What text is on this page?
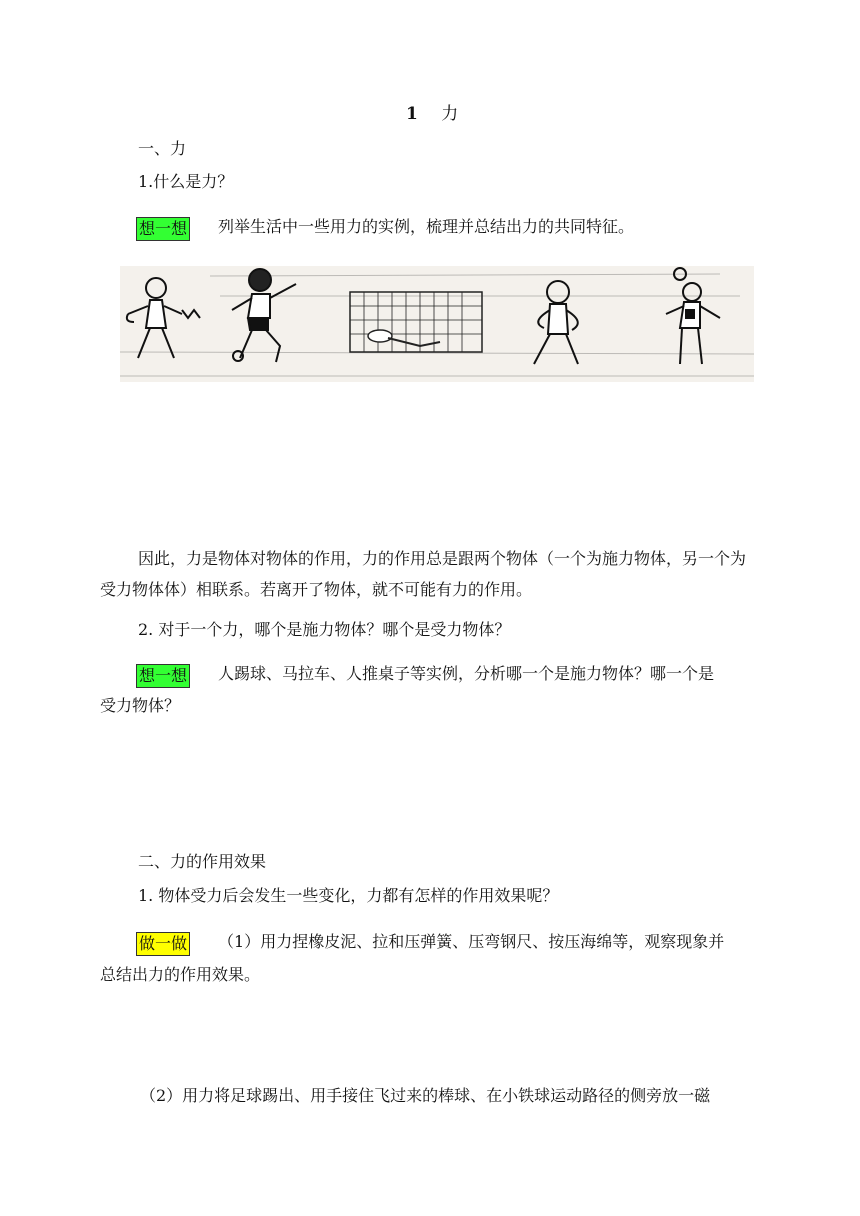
1 力
一、力
1.什么是力？
想一想 列举生活中一些用力的实例，梳理并总结出力的共同特征。
因此，力是物体对物体的作用，力的作用总是跟两个物体（一个为施力物体，另一个为受力物体体）相联系。若离开了物体，就不可能有力的作用。
2. 对于一个力，哪个是施力物体？哪个是受力物体？
想一想 人踢球、马拉车、人推桌子等实例，分析哪一个是施力物体？哪一个是
受力物体？
二、力的作用效果
1. 物体受力后会发生一些变化，力都有怎样的作用效果呢？
做一做 （1）用力捏橡皮泥、拉和压弹簧、压弯钢尺、按压海绵等，观察现象并
总结出力的作用效果。
（2）用力将足球踢出、用手接住飞过来的棒球、在小铁球运动路径的侧旁放一磁
